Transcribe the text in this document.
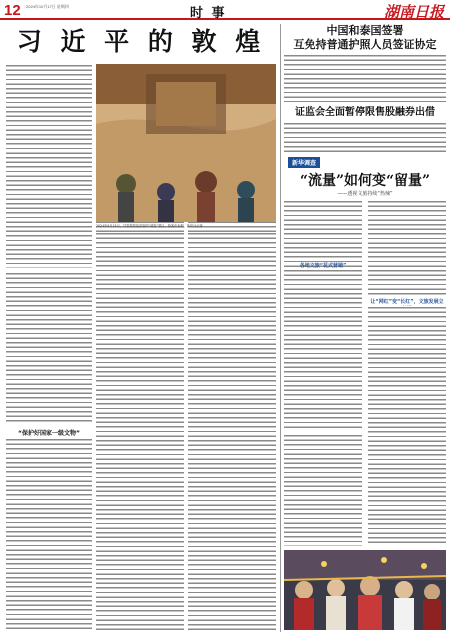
12 2024年10月17日 星期四	时 事	湖南日报
习 近 平 的 敦 煌
2024年9月15日，甘肃敦煌莫高窟的“洞窟”景区，游客在参观，新华社记者
“保护好国家一级文物”
中国和泰国签署
互免持普通护照人员签证协定
证监会全面暂停限售股融券出借
新华调查
“流量”如何变“留量”
——透视文旅持续“热辣”
各地文旅“花式营销”
让“网红”变“长红”，文旅发展立
